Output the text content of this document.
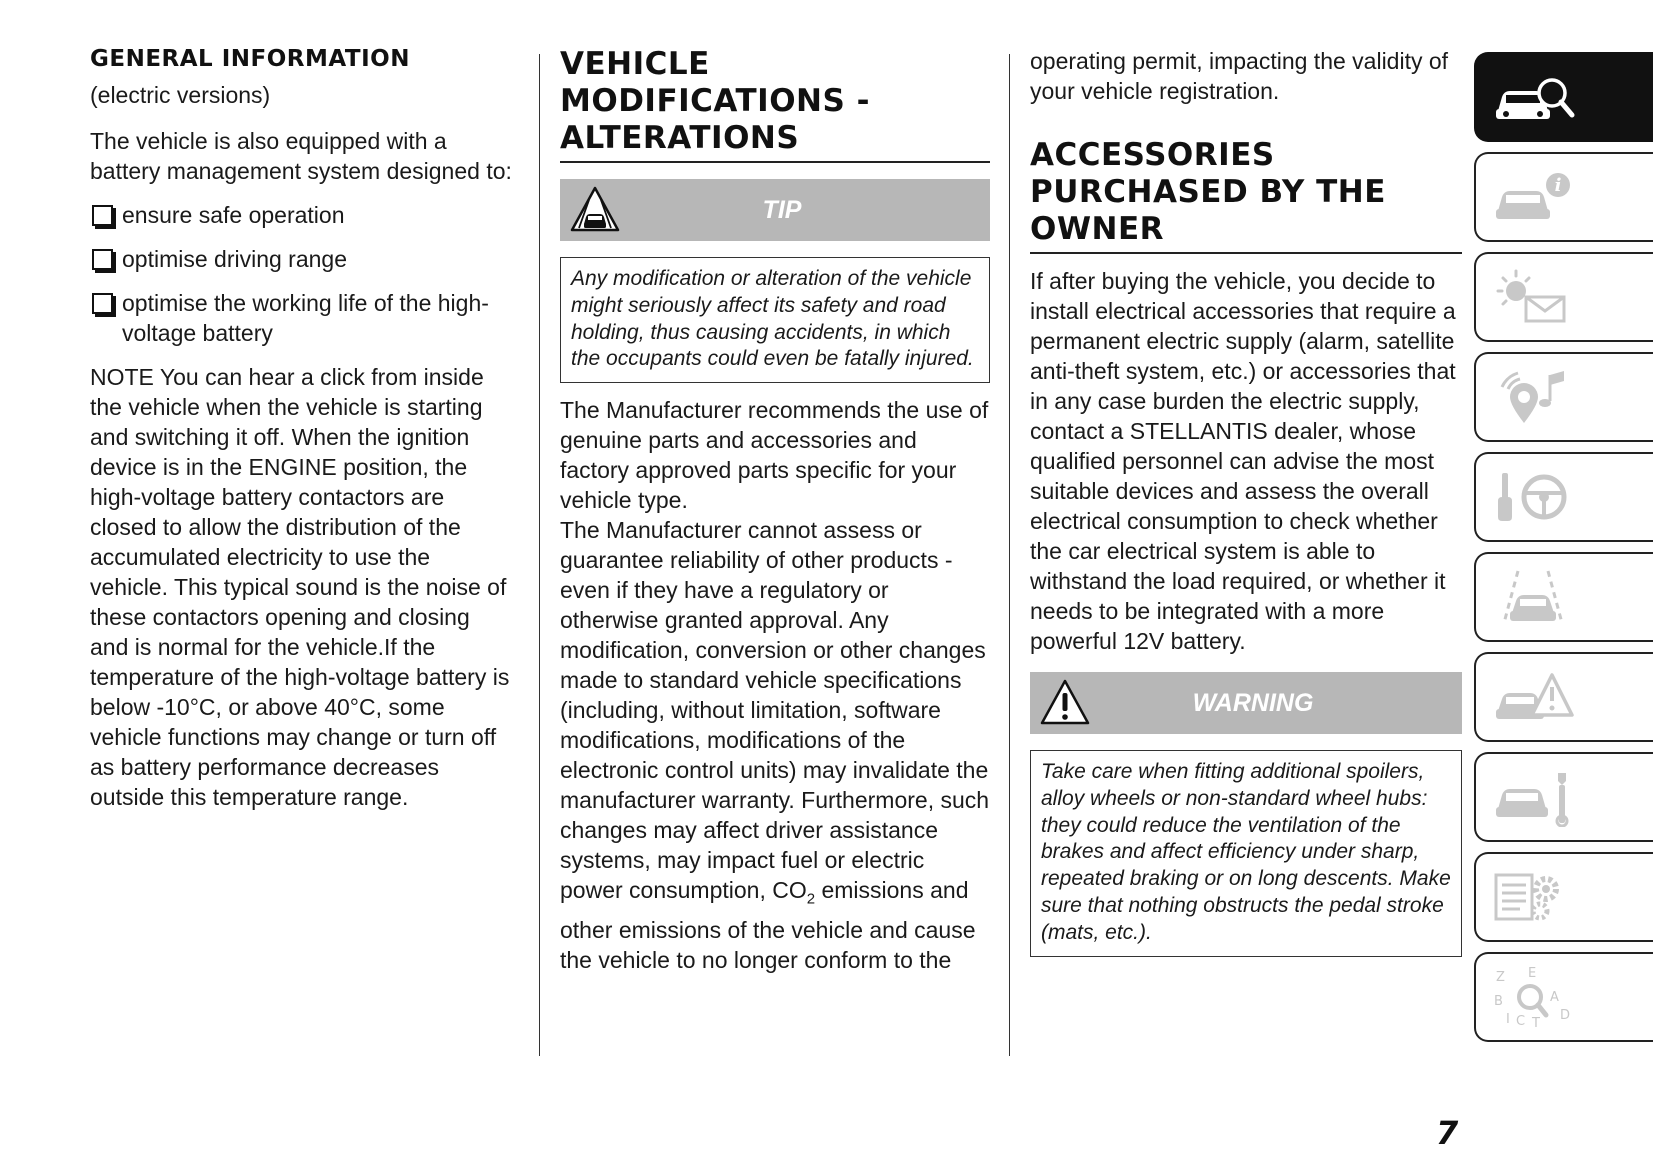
GENERAL INFORMATION

(electric versions)

The vehicle is also equipped with a battery management system designed to:

ensure safe operation
optimise driving range
optimise the working life of the high-voltage battery

NOTE You can hear a click from inside the vehicle when the vehicle is starting and switching it off. When the ignition device is in the ENGINE position, the high-voltage battery contactors are closed to allow the distribution of the accumulated electricity to use the vehicle. This typical sound is the noise of these contactors opening and closing and is normal for the vehicle.If the temperature of the high-voltage battery is below -10°C, or above 40°C, some vehicle functions may change or turn off as battery performance decreases outside this temperature range.

VEHICLE
MODIFICATIONS -
ALTERATIONS
TIP

Any modification or alteration of the vehicle might seriously affect its safety and road holding, thus causing accidents, in which the occupants could even be fatally injured.

The Manufacturer recommends the use of genuine parts and accessories and factory approved parts specific for your vehicle type.

The Manufacturer cannot assess or guarantee reliability of other products - even if they have a regulatory or otherwise granted approval. Any modification, conversion or other changes made to standard vehicle specifications (including, without limitation, software modifications, modifications of the electronic control units) may invalidate the manufacturer warranty. Furthermore, such changes may affect driver assistance systems, may impact fuel or electric power consumption, $CO_2$ emissions and other emissions of the vehicle and cause the vehicle to no longer conform to the

operating permit, impacting the validity of your vehicle registration.

ACCESSORIES
PURCHASED BY THE
OWNER

If after buying the vehicle, you decide to install electrical accessories that require a permanent electric supply (alarm, satellite anti-theft system, etc.) or accessories that in any case burden the electric supply, contact a STELLANTIS dealer, whose qualified personnel can advise the most suitable devices and assess the overall electrical consumption to check whether the car electrical system is able to withstand the load required, or whether it needs to be integrated with a more powerful 12V battery.

WARNING

Take care when fitting additional spoilers, alloy wheels or non-standard wheel hubs: they could reduce the ventilation of the brakes and affect efficiency under sharp, repeated braking or on long descents. Make sure that nothing obstructs the pedal stroke (mats, etc.).

i
Z E
B	A
I C T
D
7
